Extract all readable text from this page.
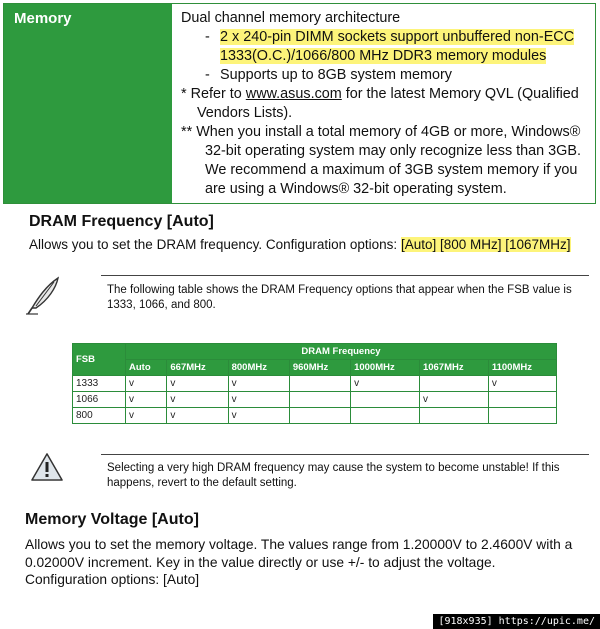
Memory	Dual channel memory architecture
- 2 x 240-pin DIMM sockets support unbuffered non-ECC
1333(O.C.)/1066/800 MHz DDR3 memory modules
- Supports up to 8GB system memory
* Refer to www.asus.com for the latest Memory QVL (Qualified
Vendors Lists).
** When you install a total memory of 4GB or more, Windows®
32-bit operating system may only recognize less than 3GB.
We recommend a maximum of 3GB system memory if you
are using a Windows® 32-bit operating system.
DRAM Frequency [Auto]
Allows you to set the DRAM frequency. Configuration options: [Auto] [800 MHz] [1067MHz]
The following table shows the DRAM Frequency options that appear when the FSB value is
1333, 1066, and 800.
FSB	DRAM Frequency						
	Auto	667MHz	800MHz	960MHz	1000MHz	1067MHz	1100MHz
1333	v	v	v		v		v
1066	v	v	v			v	
800	v	v	v				
Selecting a very high DRAM frequency may cause the system to become unstable! If this
happens, revert to the default setting.
Memory Voltage [Auto]
Allows you to set the memory voltage. The values range from 1.20000V to 2.4600V with a
0.02000V increment. Key in the value directly or use +/- to adjust the voltage.
Configuration options: [Auto]
[918x935] https://upic.me/
